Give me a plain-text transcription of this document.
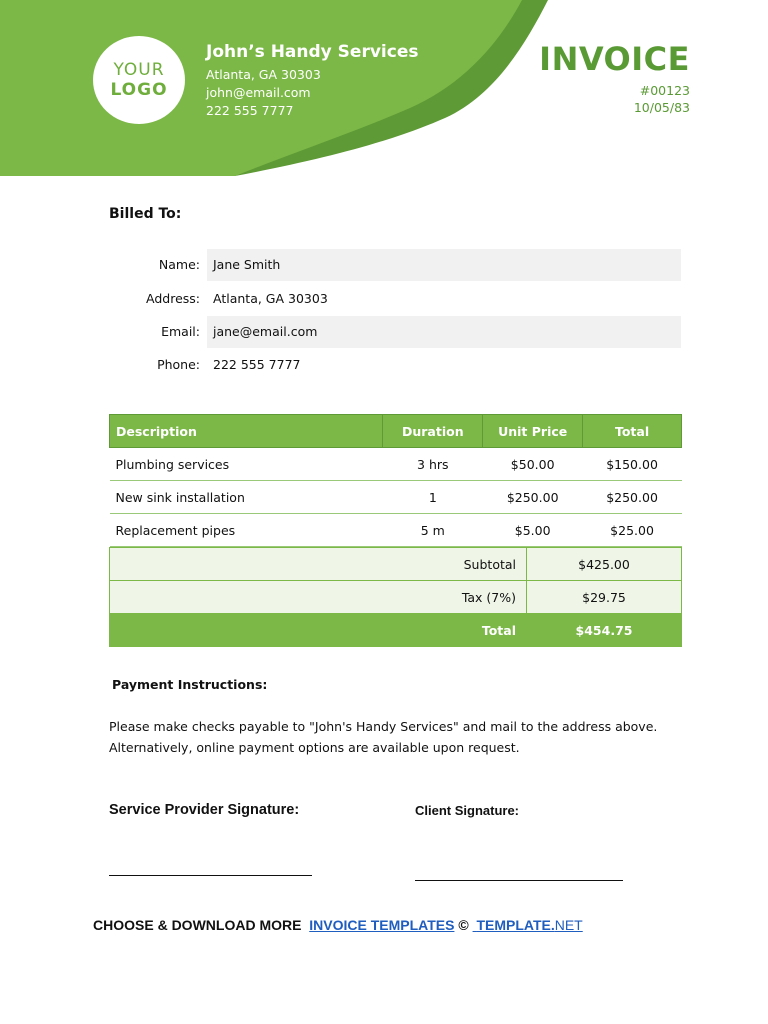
YOUR
LOGO
John’s Handy Services
Atlanta, GA 30303
john@email.com
222 555 7777
INVOICE
#00123
10/05/83
Billed To:
Name:	Jane Smith
Address:	Atlanta, GA 30303
Email:	jane@email.com
Phone:	222 555 7777
Description	Duration	Unit Price	Total
Plumbing services	3 hrs	$50.00	$150.00
New sink installation	1	$250.00	$250.00
Replacement pipes	5 m	$5.00	$25.00
Subtotal	$425.00
Tax (7%)	$29.75
Total	$454.75
Payment Instructions:
Please make checks payable to "John's Handy Services" and mail to the address above.
Alternatively, online payment options are available upon request.
Service Provider Signature:	Client Signature:
CHOOSE & DOWNLOAD MORE INVOICE TEMPLATES © TEMPLATE.NET
